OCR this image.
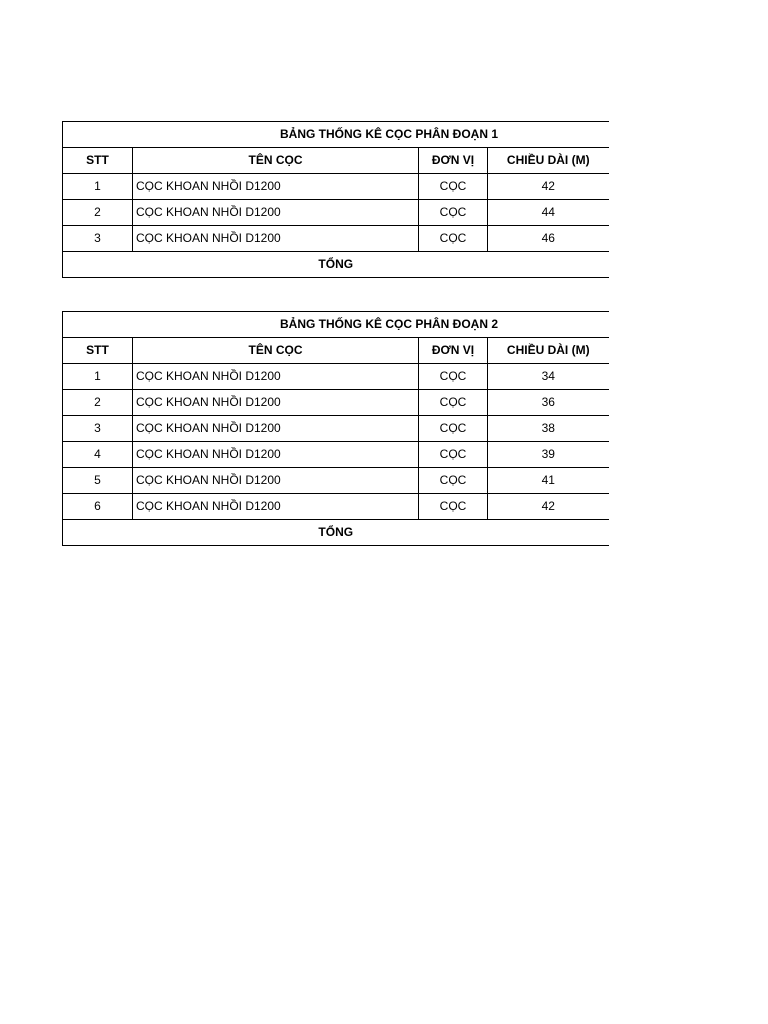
BẢNG THỐNG KÊ CỌC PHÂN ĐOẠN 1			
STT	TÊN CỌC	ĐƠN VỊ	CHIỀU DÀI (M)
1	CỌC KHOAN NHỒI D1200	CỌC	42
2	CỌC KHOAN NHỒI D1200	CỌC	44
3	CỌC KHOAN NHỒI D1200	CỌC	46
TỔNG			
BẢNG THỐNG KÊ CỌC PHÂN ĐOẠN 2			
STT	TÊN CỌC	ĐƠN VỊ	CHIỀU DÀI (M)
1	CỌC KHOAN NHỒI D1200	CỌC	34
2	CỌC KHOAN NHỒI D1200	CỌC	36
3	CỌC KHOAN NHỒI D1200	CỌC	38
4	CỌC KHOAN NHỒI D1200	CỌC	39
5	CỌC KHOAN NHỒI D1200	CỌC	41
6	CỌC KHOAN NHỒI D1200	CỌC	42
TỔNG			
